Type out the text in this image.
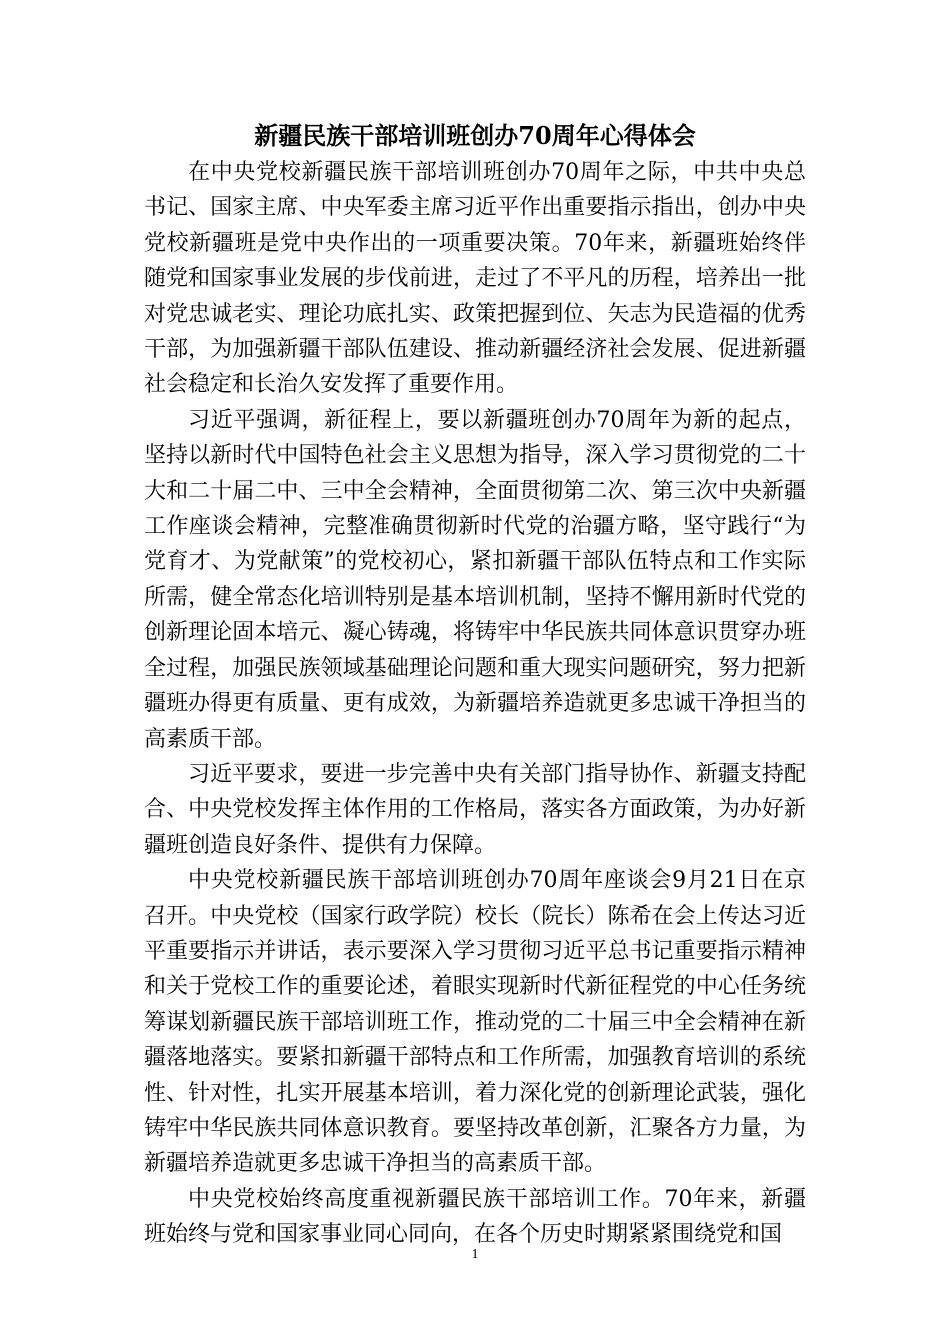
新疆民族干部培训班创办70周年心得体会

在中央党校新疆民族干部培训班创办70周年之际，中共中央总书记、国家主席、中央军委主席习近平作出重要指示指出，创办中央党校新疆班是党中央作出的一项重要决策。70年来，新疆班始终伴随党和国家事业发展的步伐前进，走过了不平凡的历程，培养出一批对党忠诚老实、理论功底扎实、政策把握到位、矢志为民造福的优秀干部，为加强新疆干部队伍建设、推动新疆经济社会发展、促进新疆社会稳定和长治久安发挥了重要作用。

习近平强调，新征程上，要以新疆班创办70周年为新的起点，坚持以新时代中国特色社会主义思想为指导，深入学习贯彻党的二十大和二十届二中、三中全会精神，全面贯彻第二次、第三次中央新疆工作座谈会精神，完整准确贯彻新时代党的治疆方略，坚守践行“为党育才、为党献策”的党校初心，紧扣新疆干部队伍特点和工作实际所需，健全常态化培训特别是基本培训机制，坚持不懈用新时代党的创新理论固本培元、凝心铸魂，将铸牢中华民族共同体意识贯穿办班全过程，加强民族领域基础理论问题和重大现实问题研究，努力把新疆班办得更有质量、更有成效，为新疆培养造就更多忠诚干净担当的高素质干部。

习近平要求，要进一步完善中央有关部门指导协作、新疆支持配合、中央党校发挥主体作用的工作格局，落实各方面政策，为办好新疆班创造良好条件、提供有力保障。

中央党校新疆民族干部培训班创办70周年座谈会9月21日在京召开。中央党校（国家行政学院）校长（院长）陈希在会上传达习近平重要指示并讲话，表示要深入学习贯彻习近平总书记重要指示精神和关于党校工作的重要论述，着眼实现新时代新征程党的中心任务统筹谋划新疆民族干部培训班工作，推动党的二十届三中全会精神在新疆落地落实。要紧扣新疆干部特点和工作所需，加强教育培训的系统性、针对性，扎实开展基本培训，着力深化党的创新理论武装，强化铸牢中华民族共同体意识教育。要坚持改革创新，汇聚各方力量，为新疆培养造就更多忠诚干净担当的高素质干部。

中央党校始终高度重视新疆民族干部培训工作。70年来，新疆班始终与党和国家事业同心同向，在各个历史时期紧紧围绕党和国

1
